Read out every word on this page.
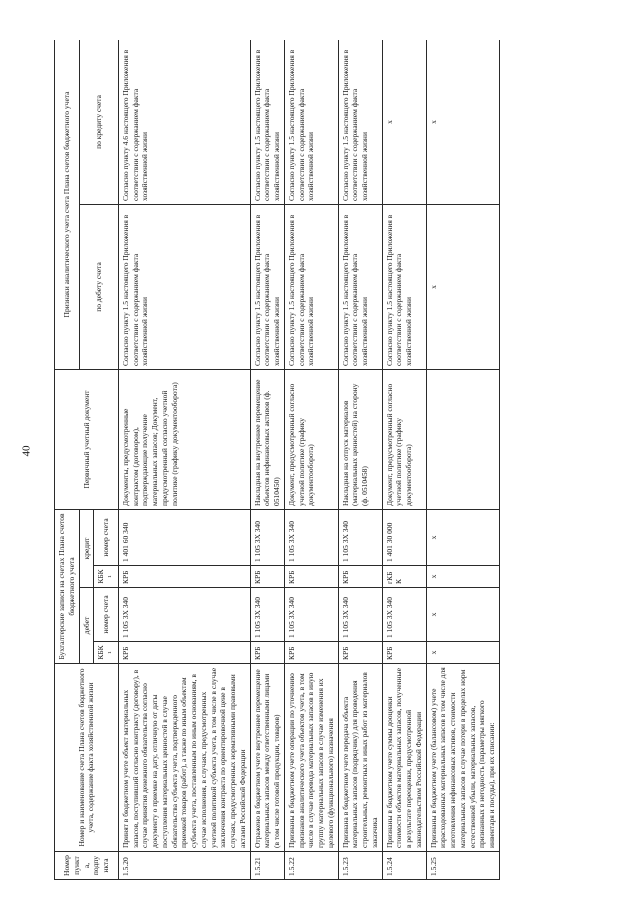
40
Номер пункта, подпункта	Номер и наименование счета Плана счетов бюджетного учета, содержание факта хозяйственной жизни	Бухгалтерские записи на счетах Плана счетов бюджетного учета				Первичный учетный документ	Признаки аналитического учета счета Плана счетов бюджетного учета	
		дебет		кредит			по дебету счета	по кредиту счета
		КБК¹	номер счета	КБК¹	номер счета			
1.5.20	Принят в бюджетном учете объект материальных запасов, поступивший согласно контракту (договору), в случае принятия денежного обязательства согласно документу о приемке на дату, отличную от даты поступления материальных ценностей в случае обязательства субъекта учета, подтвержденного приемкой товаров (работ), а также по иным объектам субъекта учета, поставленным по иным основаниям, в случае исполнения, в случаях, предусмотренных учетной политикой субъекта учета, в том числе в случае заключения контракта по ориентировочной цене в случаях, предусмотренных нормативными правовыми актами Российской Федерации	КРБ	1 105 3Х 340	КРБ	1 401 60 340	Документы, предусмотренные контрактом (договором), подтверждающие получение материальных запасов; Документ, предусмотренный согласно учетной политике (графику документооборота)	Согласно пункту 1.5 настоящего Приложения в соответствии с содержанием факта хозяйственной жизни	Согласно пункту 4.6 настоящего Приложения в соответствии с содержанием факта хозяйственной жизни
1.5.21	Отражено в бюджетном учете внутреннее перемещение материальных запасов между ответственными лицами (в том числе готовой продукции, товаров)	КРБ	1 105 3Х 340	КРБ	1 105 3Х 340	Накладная на внутреннее перемещение объектов нефинансовых активов (ф. 0510450)	Согласно пункту 1.5 настоящего Приложения в соответствии с содержанием факта хозяйственной жизни	Согласно пункту 1.5 настоящего Приложения в соответствии с содержанием факта хозяйственной жизни
1.5.22	Признаны в бюджетном учете операции по уточнению признаков аналитического учета объектов учета, в том числе в случае перевода материальных запасов в иную группу материальных запасов в случае изменения их целевого (функционального) назначения	КРБ	1 105 3Х 340	КРБ	1 105 3Х 340	Документ, предусмотренный согласно учетной политике (графику документооборота)	Согласно пункту 1.5 настоящего Приложения в соответствии с содержанием факта хозяйственной жизни	Согласно пункту 1.5 настоящего Приложения в соответствии с содержанием факта хозяйственной жизни
1.5.23	Признана в бюджетном учете передача объекта материальных запасов (подрядчику) для проведения строительных, ремонтных и иных работ из материалов заказчика	КРБ	1 105 3Х 340	КРБ	1 105 3Х 340	Накладная на отпуск материалов (материальных ценностей) на сторону (ф. 0510458)	Согласно пункту 1.5 настоящего Приложения в соответствии с содержанием факта хозяйственной жизни	Согласно пункту 1.5 настоящего Приложения в соответствии с содержанием факта хозяйственной жизни
1.5.24	Признаны в бюджетном учете суммы дооценки стоимости объектов материальных запасов, полученные в результате переоценки, предусмотренной законодательством Российской Федерации	КРБ	1 105 3Х 340	гКБК	1 401 30 000	Документ, предусмотренный согласно учетной политике (графику документооборота)	Согласно пункту 1.5 настоящего Приложения в соответствии с содержанием факта хозяйственной жизни	x
1.5.25	Признаны в бюджетном учете (балансовом) учете израсходованных материальных запасов в том числе для изготовления нефинансовых активов, стоимости материальных запасов в случае потери в пределах норм естественной убыли, материальных запасов, признанных в негодность (параметры мягкого инвентаря и посуды), при их списании:	x	x	x	x		x	x
